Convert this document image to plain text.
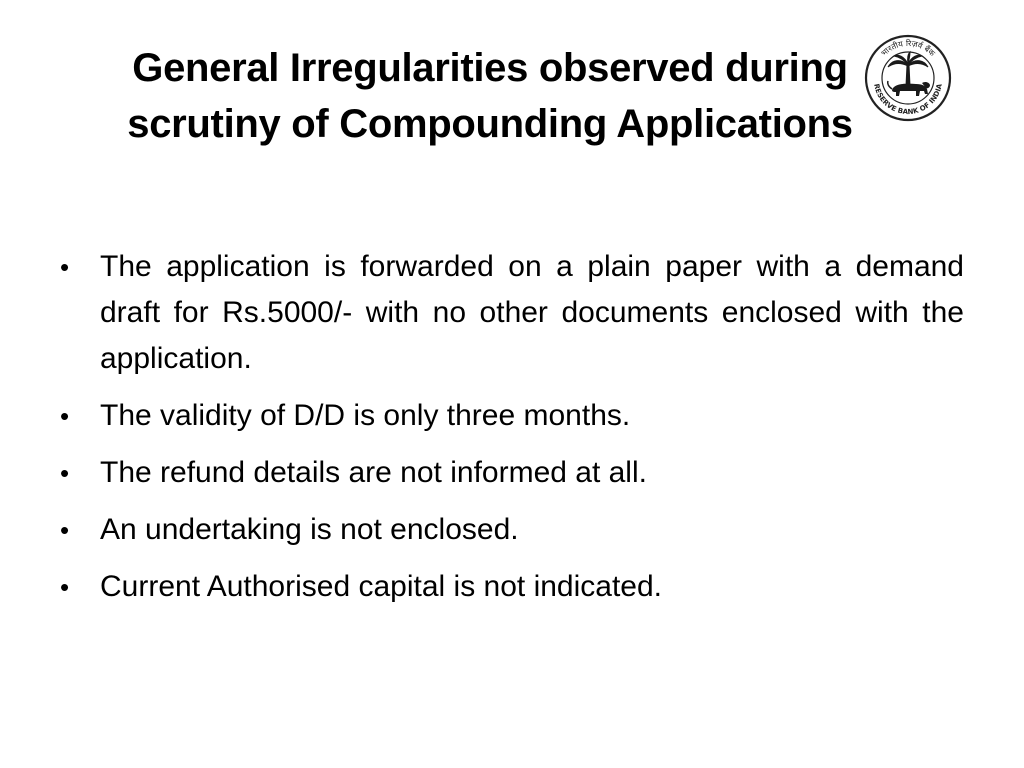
General Irregularities observed during
scrutiny of Compounding Applications
भारतीय रिज़र्व बैंक
RESERVE BANK OF INDIA
• The application is forwarded on a plain paper with a demand draft for Rs.5000/- with no other documents enclosed with the application.
• The validity of D/D is only three months.
• The refund details are not informed at all.
• An undertaking is not enclosed.
• Current Authorised capital is not indicated.
